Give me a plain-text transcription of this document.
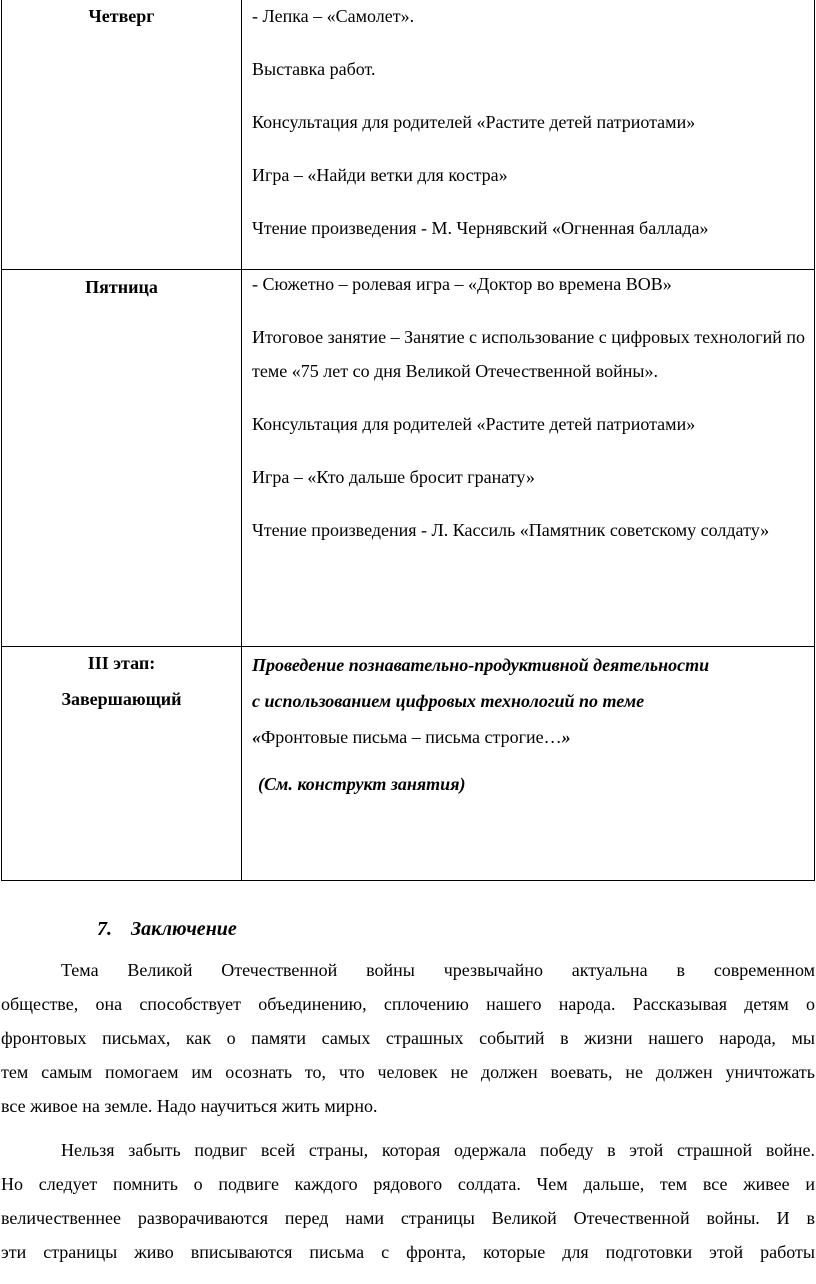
Четверг	- Лепка – «Самолет».
Выставка работ.
Консультация для родителей «Растите детей патриотами»
Игра – «Найди ветки для костра»
Чтение произведения - М. Чернявский «Огненная баллада»

Пятница	- Сюжетно – ролевая игра – «Доктор во времена ВОВ»
Итоговое занятие – Занятие с использование с цифровых технологий по теме «75 лет со дня Великой Отечественной войны».
Консультация для родителей «Растите детей патриотами»
Игра – «Кто дальше бросит гранату»
Чтение произведения - Л. Кассиль «Памятник советскому солдату»

III этап:
Завершающий	Проведение познавательно-продуктивной деятельности
с использованием цифровых технологий по теме
«Фронтовые письма – письма строгие…»
(См. конструкт занятия)
7. Заключение
Тема Великой Отечественной войны чрезвычайно актуальна в современном
обществе, она способствует объединению, сплочению нашего народа. Рассказывая детям о
фронтовых письмах, как о памяти самых страшных событий в жизни нашего народа, мы
тем самым помогаем им осознать то, что человек не должен воевать, не должен уничтожать
все живое на земле. Надо научиться жить мирно.
Нельзя забыть подвиг всей страны, которая одержала победу в этой страшной войне.
Но следует помнить о подвиге каждого рядового солдата. Чем дальше, тем все живее и
величественнее разворачиваются перед нами страницы Великой Отечественной войны. И в
эти страницы живо вписываются письма с фронта, которые для подготовки этой работы
